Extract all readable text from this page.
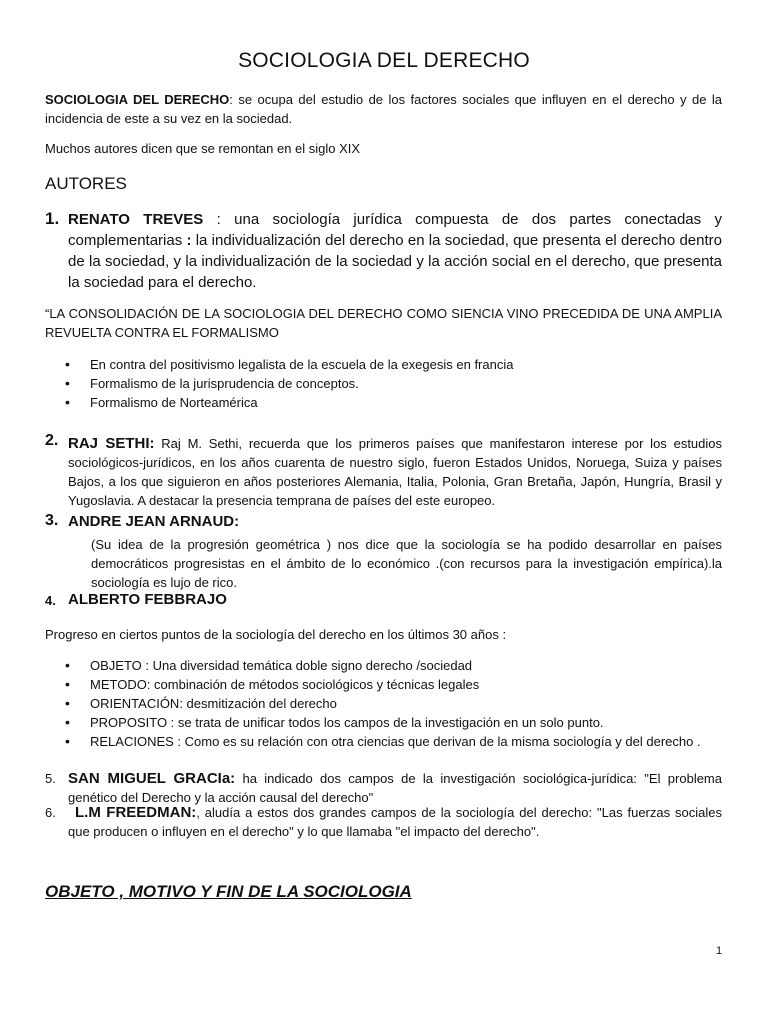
SOCIOLOGIA DEL DERECHO

SOCIOLOGIA DEL DERECHO: se ocupa del estudio de los factores sociales que influyen en el derecho y de la incidencia de este a su vez en la sociedad.

Muchos autores dicen que se remontan en el siglo XIX

AUTORES
1. RENATO TREVES : una sociología jurídica compuesta de dos partes conectadas y complementarias : la individualización del derecho en la sociedad, que presenta el derecho dentro de la sociedad, y la individualización de la sociedad y la acción social en el derecho, que presenta la sociedad para el derecho.

“LA CONSOLIDACIÓN DE LA SOCIOLOGIA DEL DERECHO COMO SIENCIA VINO PRECEDIDA DE UNA AMPLIA REVUELTA CONTRA EL FORMALISMO

• En contra del positivismo legalista de la escuela de la exegesis en francia
• Formalismo de la jurisprudencia de conceptos.
• Formalismo de Norteamérica
2. RAJ SETHI: Raj M. Sethi, recuerda que los primeros países que manifestaron interese por los estudios sociológicos-jurídicos, en los años cuarenta de nuestro siglo, fueron Estados Unidos, Noruega, Suiza y países Bajos, a los que siguieron en años posteriores Alemania, Italia, Polonia, Gran Bretaña, Japón, Hungría, Brasil y Yugoslavia. A destacar la presencia temprana de países del este europeo.

3. ANDRE JEAN ARNAUD:

(Su idea de la progresión geométrica ) nos dice que la sociología se ha podido desarrollar en países democráticos progresistas en el ámbito de lo económico .(con recursos para la investigación empírica).la sociología es lujo de rico.

4. ALBERTO FEBBRAJO

Progreso en ciertos puntos de la sociología del derecho en los últimos 30 años :

• OBJETO : Una diversidad temática doble signo derecho /sociedad
• METODO: combinación de métodos sociológicos y técnicas legales
• ORIENTACIÓN: desmitización del derecho
• PROPOSITO : se trata de unificar todos los campos de la investigación en un solo punto.
• RELACIONES : Como es su relación con otra ciencias que derivan de la misma sociología y del derecho .
5. SAN MIGUEL GRACIa: ha indicado dos campos de la investigación sociológica-jurídica: "El problema genético del Derecho y la acción causal del derecho"

6.	L.M FREEDMAN:, aludía a estos dos grandes campos de la sociología del derecho: "Las fuerzas sociales que producen o influyen en el derecho" y lo que llamaba "el impacto del derecho".

OBJETO , MOTIVO Y FIN DE LA SOCIOLOGIA
1
